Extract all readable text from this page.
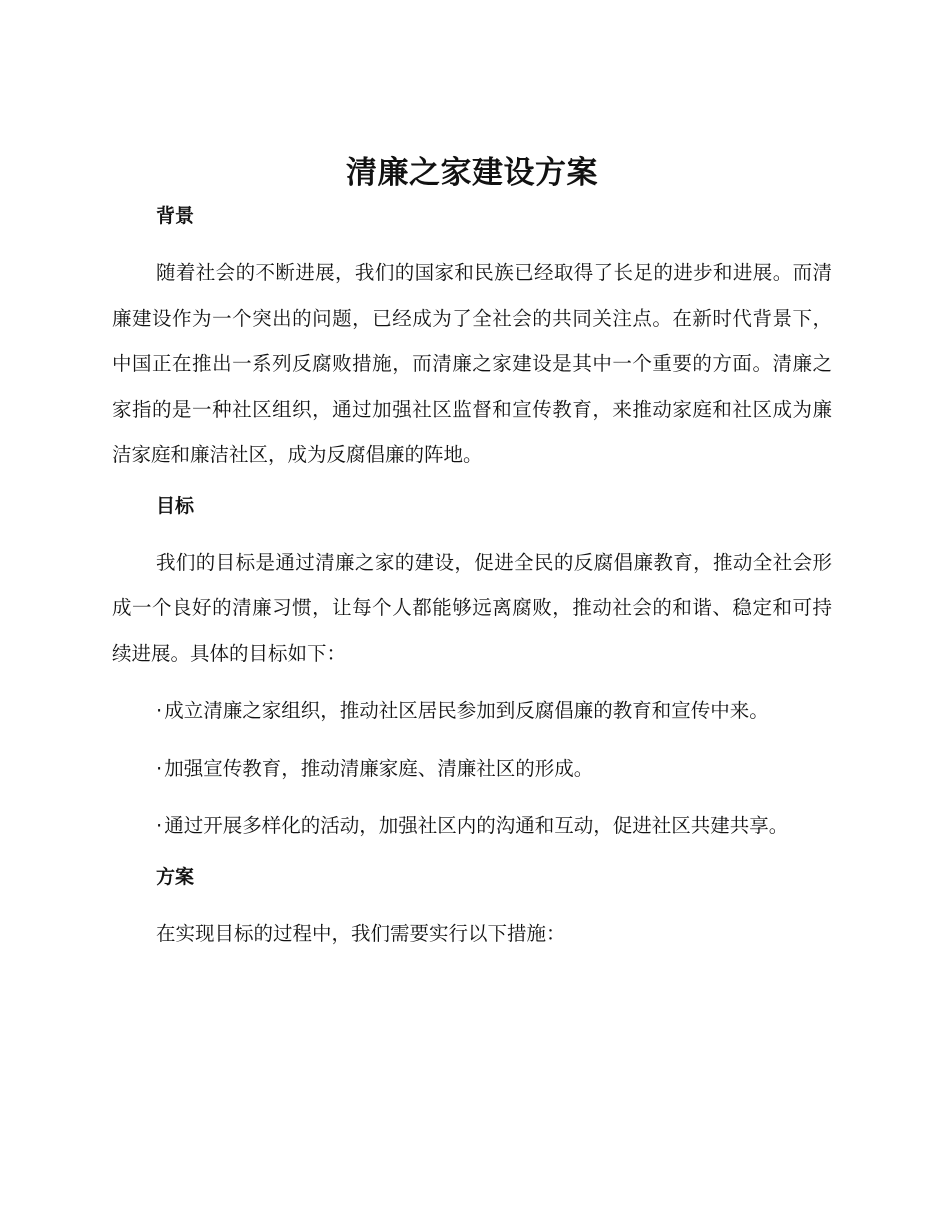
清廉之家建设方案
背景

随着社会的不断进展，我们的国家和民族已经取得了长足的进步和进展。而清廉建设作为一个突出的问题，已经成为了全社会的共同关注点。在新时代背景下，中国正在推出一系列反腐败措施，而清廉之家建设是其中一个重要的方面。清廉之家指的是一种社区组织，通过加强社区监督和宣传教育，来推动家庭和社区成为廉洁家庭和廉洁社区，成为反腐倡廉的阵地。

目标

我们的目标是通过清廉之家的建设，促进全民的反腐倡廉教育，推动全社会形成一个良好的清廉习惯，让每个人都能够远离腐败，推动社会的和谐、稳定和可持续进展。具体的目标如下：

· 成立清廉之家组织，推动社区居民参加到反腐倡廉的教育和宣传中来。

· 加强宣传教育，推动清廉家庭、清廉社区的形成。

· 通过开展多样化的活动，加强社区内的沟通和互动，促进社区共建共享。

方案

在实现目标的过程中，我们需要实行以下措施：
